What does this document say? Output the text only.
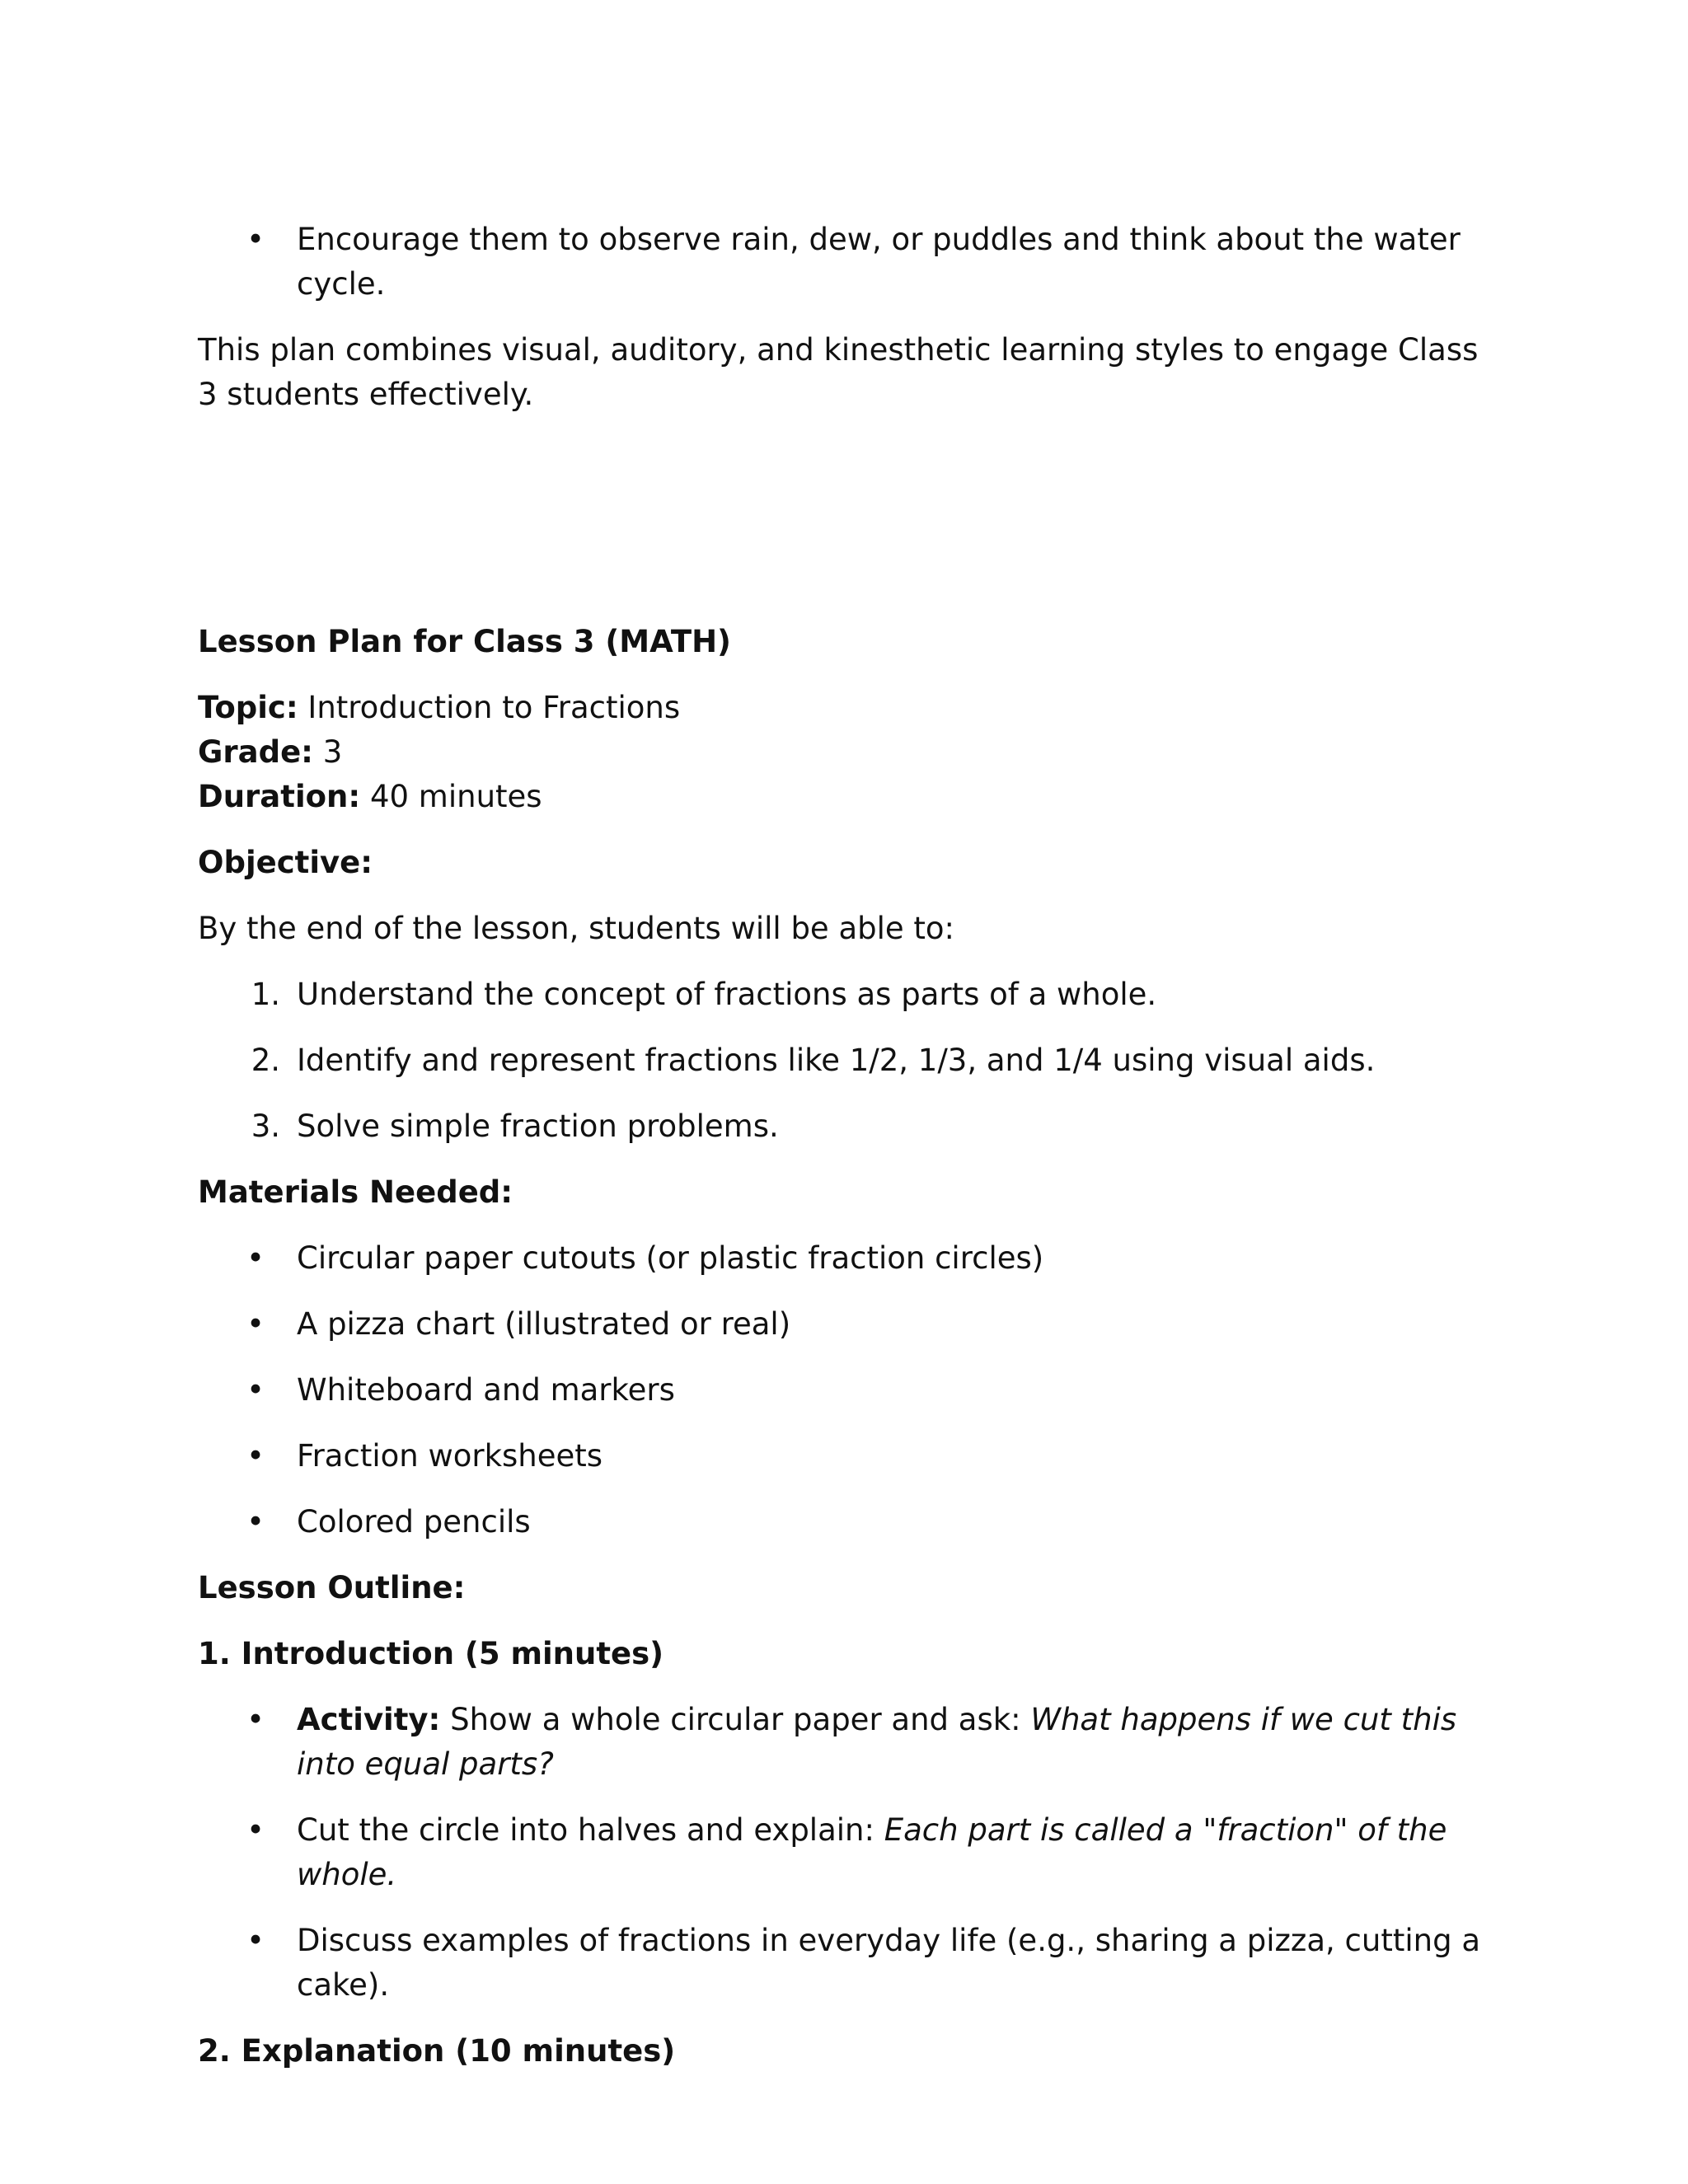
• Encourage them to observe rain, dew, or puddles and think about the water cycle.

This plan combines visual, auditory, and kinesthetic learning styles to engage Class 3 students effectively.

Lesson Plan for Class 3 (MATH)

Topic: Introduction to Fractions

Grade: 3

Duration: 40 minutes

Objective:

By the end of the lesson, students will be able to:

1. Understand the concept of fractions as parts of a whole.
2. Identify and represent fractions like 1/2, 1/3, and 1/4 using visual aids.
3. Solve simple fraction problems.

Materials Needed:

• Circular paper cutouts (or plastic fraction circles)
• A pizza chart (illustrated or real)
• Whiteboard and markers
• Fraction worksheets
• Colored pencils

Lesson Outline:

1. Introduction (5 minutes)

• Activity: Show a whole circular paper and ask: What happens if we cut this into equal parts?
• Cut the circle into halves and explain: Each part is called a "fraction" of the whole.
• Discuss examples of fractions in everyday life (e.g., sharing a pizza, cutting a cake).

2. Explanation (10 minutes)
